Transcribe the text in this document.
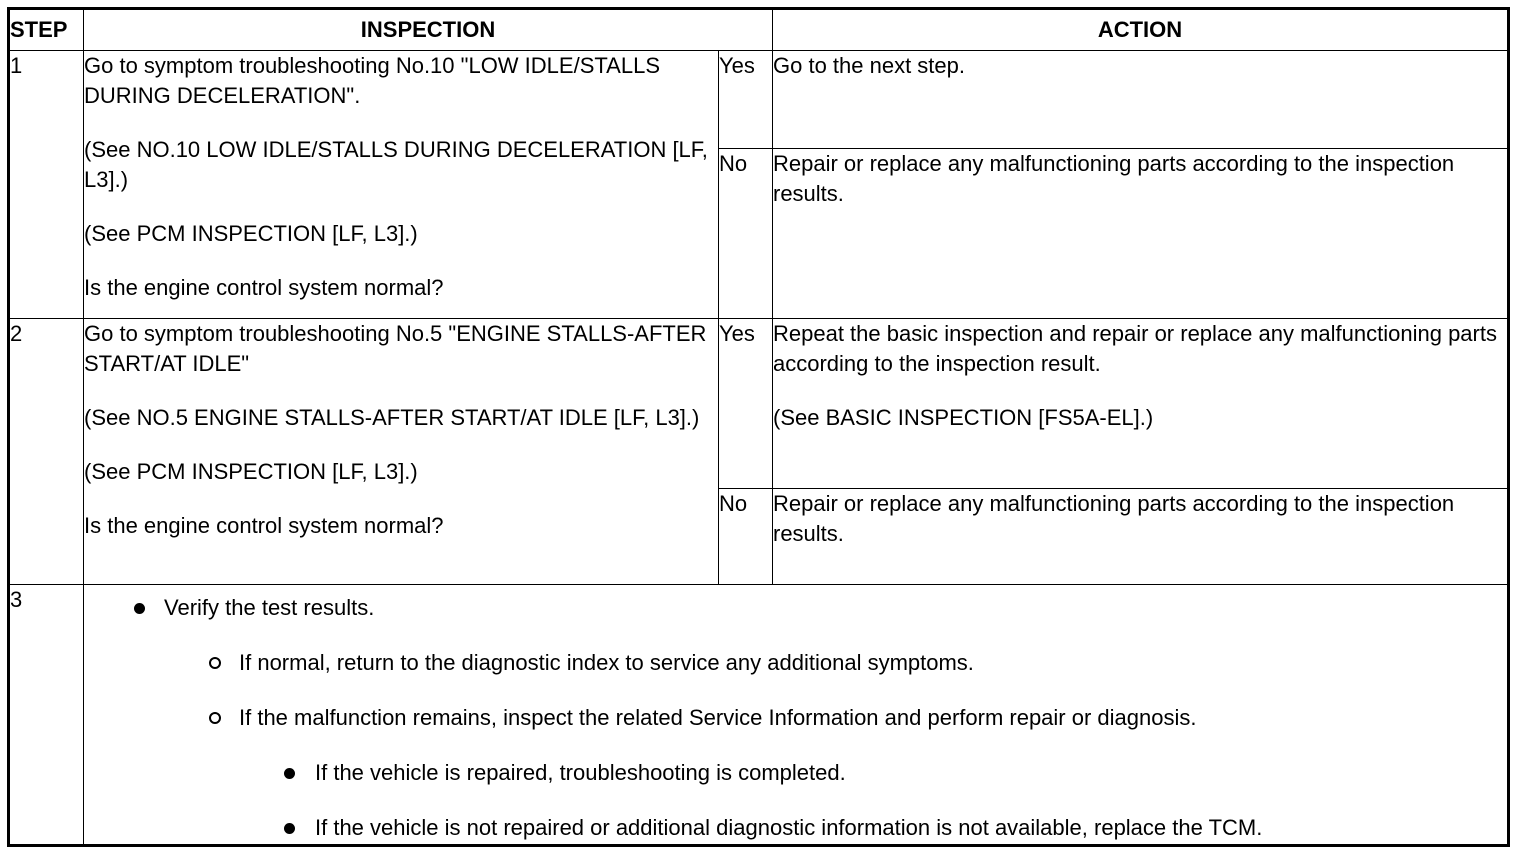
STEP	INSPECTION		ACTION
1	Go to symptom troubleshooting No.10 "LOW IDLE/STALLS DURING DECELERATION".
(See NO.10 LOW IDLE/STALLS DURING DECELERATION [LF, L3].)
(See PCM INSPECTION [LF, L3].)
Is the engine control system normal?	Yes	Go to the next step.

		No	Repair or replace any malfunctioning parts according to the inspection results.

2	Go to symptom troubleshooting No.5 "ENGINE STALLS-AFTER START/AT IDLE"
(See NO.5 ENGINE STALLS-AFTER START/AT IDLE [LF, L3].)
(See PCM INSPECTION [LF, L3].)
Is the engine control system normal?	Yes	Repeat the basic inspection and repair or replace any malfunctioning parts according to the inspection result.
(See BASIC INSPECTION [FS5A-EL].)

		No	Repair or replace any malfunctioning parts according to the inspection results.

3	Verify the test results.
If normal, return to the diagnostic index to service any additional symptoms.
If the malfunction remains, inspect the related Service Information and perform repair or diagnosis.
If the vehicle is repaired, troubleshooting is completed.
If the vehicle is not repaired or additional diagnostic information is not available, replace the TCM.		
